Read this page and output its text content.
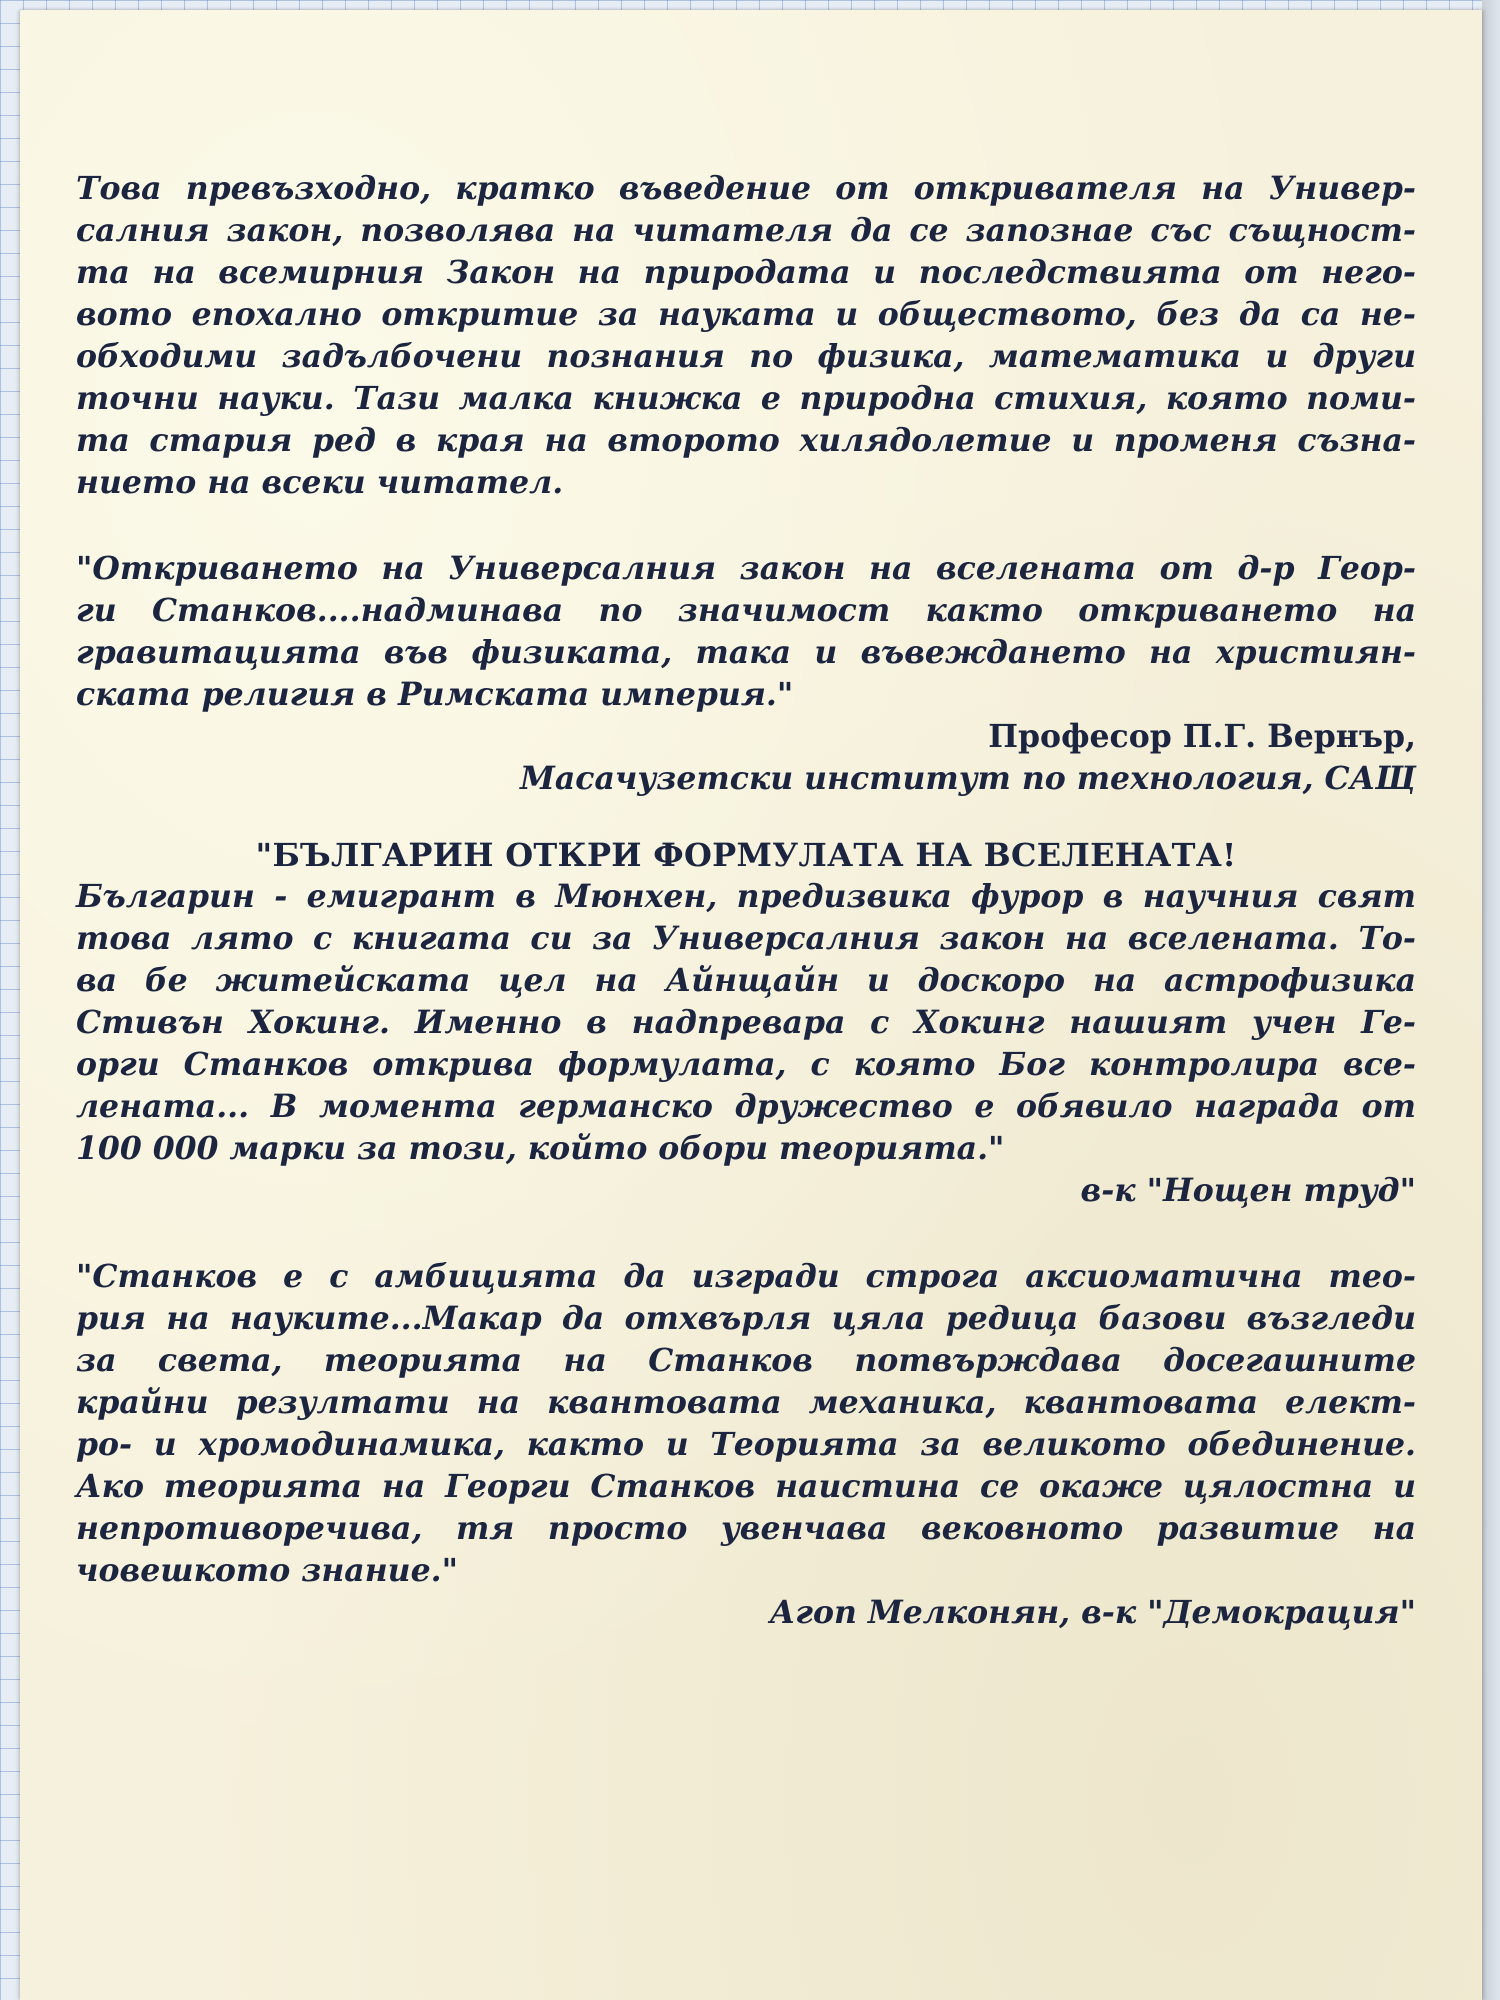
Това превъзходно, кратко въведение от откривателя на Универ-
салния закон, позволява на читателя да се запознае със същност-
та на всемирния Закон на природата и последствията от него-
вото епохално откритие за науката и обществото, без да са не-
обходими задълбочени познания по физика, математика и други
точни науки. Тази малка книжка е природна стихия, която поми-
та стария ред в края на второто хилядолетие и променя съзна-
нието на всеки читател.
"Откриването на Универсалния закон на вселената от д-р Геор-
ги Станков....надминава по значимост както откриването на
гравитацията във физиката, така и въвеждането на християн-
ската религия в Римската империя."

Професор П.Г. Вернър,

Масачузетски институт по технология, САЩ

"БЪЛГАРИН ОТКРИ ФОРМУЛАТА НА ВСЕЛЕНАТА!

Българин - емигрант в Мюнхен, предизвика фурор в научния свят
това лято с книгата си за Универсалния закон на вселената. То-
ва бе житейската цел на Айнщайн и доскоро на астрофизика
Стивън Хокинг. Именно в надпревара с Хокинг нашият учен Ге-
орги Станков открива формулата, с която Бог контролира все-
лената... В момента германско дружество е обявило награда от
100 000 марки за този, който обори теорията."

в-к "Нощен труд"

"Станков е с амбицията да изгради строга аксиоматична тео-
рия на науките...Макар да отхвърля цяла редица базови възгледи
за света, теорията на Станков потвърждава досегашните
крайни резултати на квантовата механика, квантовата елект-
ро- и хромодинамика, както и Теорията за великото обединение.
Ако теорията на Георги Станков наистина се окаже цялостна и
непротиворечива, тя просто увенчава вековното развитие на
човешкото знание."

Агоп Мелконян, в-к "Демокрация"
